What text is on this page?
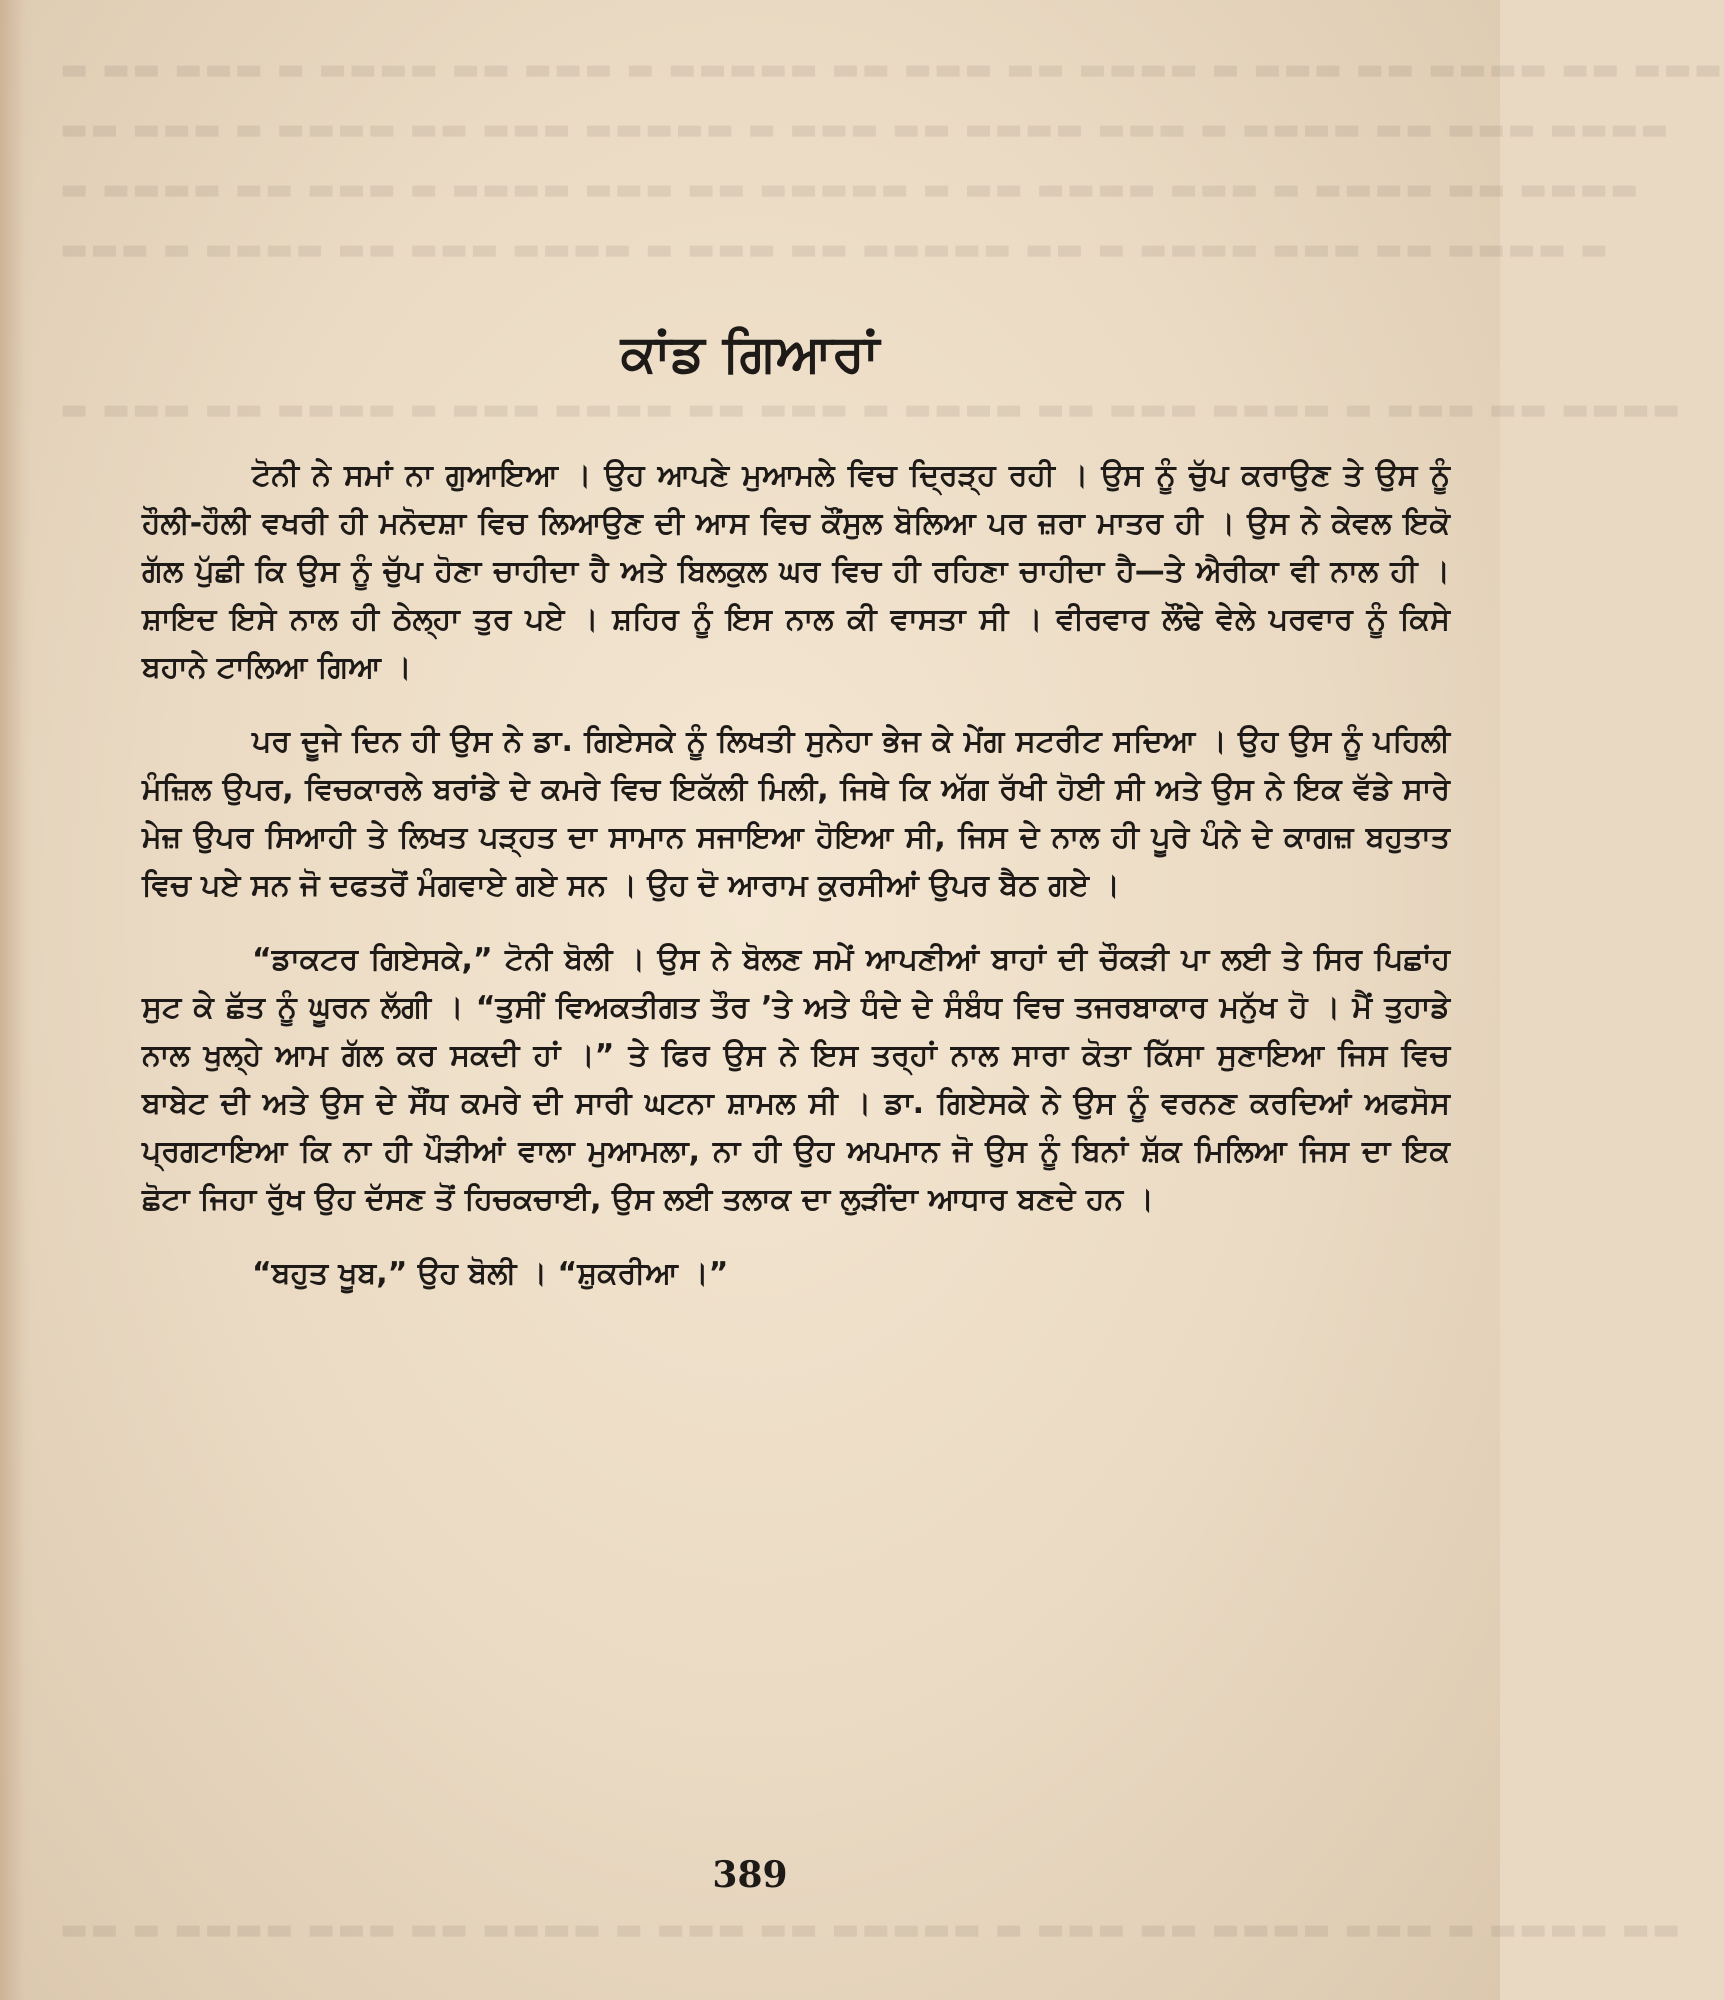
▬ ▬▬ ▬▬▬ ▬ ▬▬▬▬ ▬▬ ▬▬▬ ▬ ▬▬▬▬▬ ▬▬ ▬▬▬ ▬▬ ▬▬▬▬ ▬ ▬▬▬ ▬▬ ▬▬▬▬ ▬▬ ▬▬▬
▬▬ ▬▬▬ ▬ ▬▬▬▬ ▬▬ ▬▬▬ ▬▬▬▬▬ ▬ ▬▬▬ ▬▬ ▬▬▬▬ ▬▬▬ ▬ ▬▬▬▬ ▬▬ ▬▬▬ ▬▬▬▬
▬ ▬▬▬▬ ▬▬ ▬▬▬ ▬ ▬▬▬▬ ▬▬▬ ▬▬ ▬▬▬▬▬ ▬ ▬▬ ▬▬▬▬ ▬▬▬ ▬ ▬▬▬▬ ▬▬ ▬▬▬▬
▬▬▬ ▬ ▬▬▬▬ ▬▬ ▬▬▬ ▬▬▬▬ ▬ ▬▬▬ ▬▬ ▬▬▬▬▬ ▬▬ ▬ ▬▬▬▬ ▬▬▬ ▬▬ ▬▬▬▬ ▬
▬ ▬▬▬ ▬▬ ▬▬▬▬ ▬ ▬▬▬ ▬▬▬▬ ▬▬ ▬▬▬ ▬ ▬▬▬▬ ▬▬ ▬▬▬ ▬▬▬▬ ▬ ▬▬▬ ▬▬ ▬▬▬▬
▬▬ ▬ ▬▬▬▬ ▬▬▬ ▬▬ ▬▬▬▬ ▬ ▬▬▬ ▬▬ ▬▬▬▬▬ ▬ ▬▬▬ ▬▬ ▬▬▬▬ ▬▬▬ ▬ ▬▬▬▬ ▬▬
ਕਾਂਡ ਗਿਆਰਾਂ

ਟੋਨੀ ਨੇ ਸਮਾਂ ਨਾ ਗੁਆਇਆ । ਉਹ ਆਪਣੇ ਮੁਆਮਲੇ ਵਿਚ ਦ੍ਰਿੜ੍ਹ ਰਹੀ । ਉਸ ਨੂੰ ਚੁੱਪ ਕਰਾਉਣ ਤੇ ਉਸ ਨੂੰ ਹੌਲੀ-ਹੌਲੀ ਵਖਰੀ ਹੀ ਮਨੋਦਸ਼ਾ ਵਿਚ ਲਿਆਉਣ ਦੀ ਆਸ ਵਿਚ ਕੌਂਸੁਲ ਬੋਲਿਆ ਪਰ ਜ਼ਰਾ ਮਾਤਰ ਹੀ । ਉਸ ਨੇ ਕੇਵਲ ਇਕੋ ਗੱਲ ਪੁੱਛੀ ਕਿ ਉਸ ਨੂੰ ਚੁੱਪ ਹੋਣਾ ਚਾਹੀਦਾ ਹੈ ਅਤੇ ਬਿਲਕੁਲ ਘਰ ਵਿਚ ਹੀ ਰਹਿਣਾ ਚਾਹੀਦਾ ਹੈ—ਤੇ ਐਰੀਕਾ ਵੀ ਨਾਲ ਹੀ । ਸ਼ਾਇਦ ਇਸੇ ਨਾਲ ਹੀ ਠੇਲ੍ਹਾ ਤੁਰ ਪਏ । ਸ਼ਹਿਰ ਨੂੰ ਇਸ ਨਾਲ ਕੀ ਵਾਸਤਾ ਸੀ । ਵੀਰਵਾਰ ਲੌਂਢੇ ਵੇਲੇ ਪਰਵਾਰ ਨੂੰ ਕਿਸੇ ਬਹਾਨੇ ਟਾਲਿਆ ਗਿਆ ।

ਪਰ ਦੂਜੇ ਦਿਨ ਹੀ ਉਸ ਨੇ ਡਾ. ਗਿਏਸਕੇ ਨੂੰ ਲਿਖਤੀ ਸੁਨੇਹਾ ਭੇਜ ਕੇ ਮੇਂਗ ਸਟਰੀਟ ਸਦਿਆ । ਉਹ ਉਸ ਨੂੰ ਪਹਿਲੀ ਮੰਜ਼ਿਲ ਉਪਰ, ਵਿਚਕਾਰਲੇ ਬਰਾਂਡੇ ਦੇ ਕਮਰੇ ਵਿਚ ਇਕੱਲੀ ਮਿਲੀ, ਜਿਥੇ ਕਿ ਅੱਗ ਰੱਖੀ ਹੋਈ ਸੀ ਅਤੇ ਉਸ ਨੇ ਇਕ ਵੱਡੇ ਸਾਰੇ ਮੇਜ਼ ਉਪਰ ਸਿਆਹੀ ਤੇ ਲਿਖਤ ਪੜ੍ਹਤ ਦਾ ਸਾਮਾਨ ਸਜਾਇਆ ਹੋਇਆ ਸੀ, ਜਿਸ ਦੇ ਨਾਲ ਹੀ ਪੂਰੇ ਪੰਨੇ ਦੇ ਕਾਗਜ਼ ਬਹੁਤਾਤ ਵਿਚ ਪਏ ਸਨ ਜੋ ਦਫਤਰੋਂ ਮੰਗਵਾਏ ਗਏ ਸਨ । ਉਹ ਦੋ ਆਰਾਮ ਕੁਰਸੀਆਂ ਉਪਰ ਬੈਠ ਗਏ ।

“ਡਾਕਟਰ ਗਿਏਸਕੇ,” ਟੋਨੀ ਬੋਲੀ । ਉਸ ਨੇ ਬੋਲਣ ਸਮੇਂ ਆਪਣੀਆਂ ਬਾਹਾਂ ਦੀ ਚੌਕੜੀ ਪਾ ਲਈ ਤੇ ਸਿਰ ਪਿਛਾਂਹ ਸੁਟ ਕੇ ਛੱਤ ਨੂੰ ਘੂਰਨ ਲੱਗੀ । “ਤੁਸੀਂ ਵਿਅਕਤੀਗਤ ਤੌਰ ’ਤੇ ਅਤੇ ਧੰਦੇ ਦੇ ਸੰਬੰਧ ਵਿਚ ਤਜਰਬਾਕਾਰ ਮਨੁੱਖ ਹੋ । ਮੈਂ ਤੁਹਾਡੇ ਨਾਲ ਖੁਲ੍ਹੇ ਆਮ ਗੱਲ ਕਰ ਸਕਦੀ ਹਾਂ ।” ਤੇ ਫਿਰ ਉਸ ਨੇ ਇਸ ਤਰ੍ਹਾਂ ਨਾਲ ਸਾਰਾ ਕੋਤਾ ਕਿੱਸਾ ਸੁਣਾਇਆ ਜਿਸ ਵਿਚ ਬਾਬੇਟ ਦੀ ਅਤੇ ਉਸ ਦੇ ਸੌਂਧ ਕਮਰੇ ਦੀ ਸਾਰੀ ਘਟਨਾ ਸ਼ਾਮਲ ਸੀ । ਡਾ. ਗਿਏਸਕੇ ਨੇ ਉਸ ਨੂੰ ਵਰਨਣ ਕਰਦਿਆਂ ਅਫਸੋਸ ਪ੍ਰਗਟਾਇਆ ਕਿ ਨਾ ਹੀ ਪੌੜੀਆਂ ਵਾਲਾ ਮੁਆਮਲਾ, ਨਾ ਹੀ ਉਹ ਅਪਮਾਨ ਜੋ ਉਸ ਨੂੰ ਬਿਨਾਂ ਸ਼ੱਕ ਮਿਲਿਆ ਜਿਸ ਦਾ ਇਕ ਛੋਟਾ ਜਿਹਾ ਰੁੱਖ ਉਹ ਦੱਸਣ ਤੋਂ ਹਿਚਕਚਾਈ, ਉਸ ਲਈ ਤਲਾਕ ਦਾ ਲੁੜੀਂਦਾ ਆਧਾਰ ਬਣਦੇ ਹਨ ।

“ਬਹੁਤ ਖੂਬ,” ਉਹ ਬੋਲੀ । “ਸ਼ੁਕਰੀਆ ।”

389
